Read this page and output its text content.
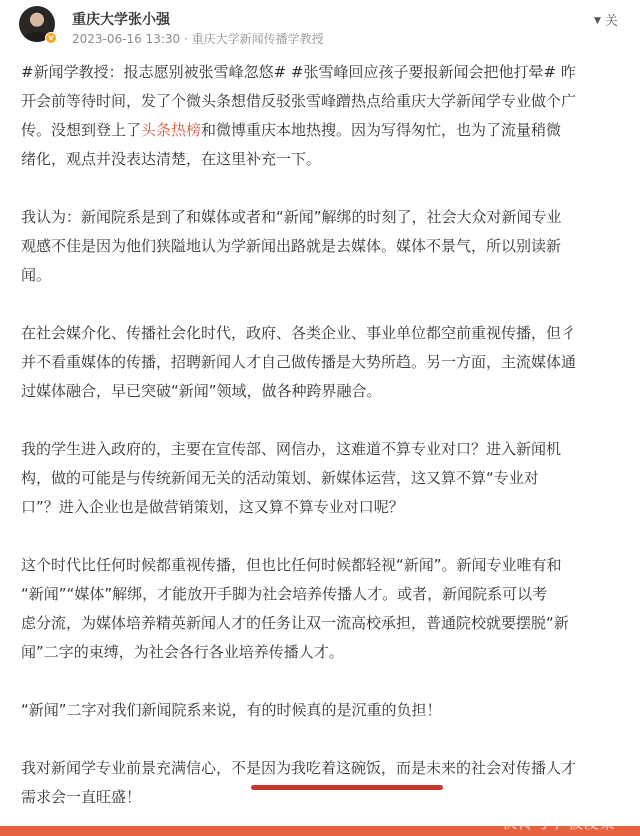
v
重庆大学张小强
2023-06-16 13:30 · 重庆大学新闻传播学教授
▼ 关
#新闻学教授：报志愿别被张雪峰忽悠# #张雪峰回应孩子要报新闻会把他打晕# 昨
开会前等待时间，发了个微头条想借反驳张雪峰蹭热点给重庆大学新闻学专业做个广
传。没想到登上了头条热榜和微博重庆本地热搜。因为写得匆忙，也为了流量稍微
绪化，观点并没表达清楚，在这里补充一下。
我认为：新闻院系是到了和媒体或者和“新闻”解绑的时刻了，社会大众对新闻专业
观感不佳是因为他们狭隘地认为学新闻出路就是去媒体。媒体不景气，所以别读新
闻。
在社会媒介化、传播社会化时代，政府、各类企业、事业单位都空前重视传播，但彳
并不看重媒体的传播，招聘新闻人才自己做传播是大势所趋。另一方面，主流媒体通
过媒体融合，早已突破“新闻”领域，做各种跨界融合。
我的学生进入政府的，主要在宣传部、网信办，这难道不算专业对口？进入新闻机
构，做的可能是与传统新闻无关的活动策划、新媒体运营，这又算不算“专业对
口”？进入企业也是做营销策划，这又算不算专业对口呢？
这个时代比任何时候都重视传播，但也比任何时候都轻视“新闻”。新闻专业唯有和
“新闻”“媒体”解绑，才能放开手脚为社会培养传播人才。或者，新闻院系可以考
虑分流，为媒体培养精英新闻人才的任务让双一流高校承担，普通院校就要摆脱“新
闻”二字的束缚，为社会各行各业培养传播人才。
“新闻”二字对我们新闻院系来说，有的时候真的是沉重的负担！
我对新闻学专业前景充满信心，不是因为我吃着这碗饭，而是未来的社会对传播人才
需求会一直旺盛！
快传号 / 极凌梁
